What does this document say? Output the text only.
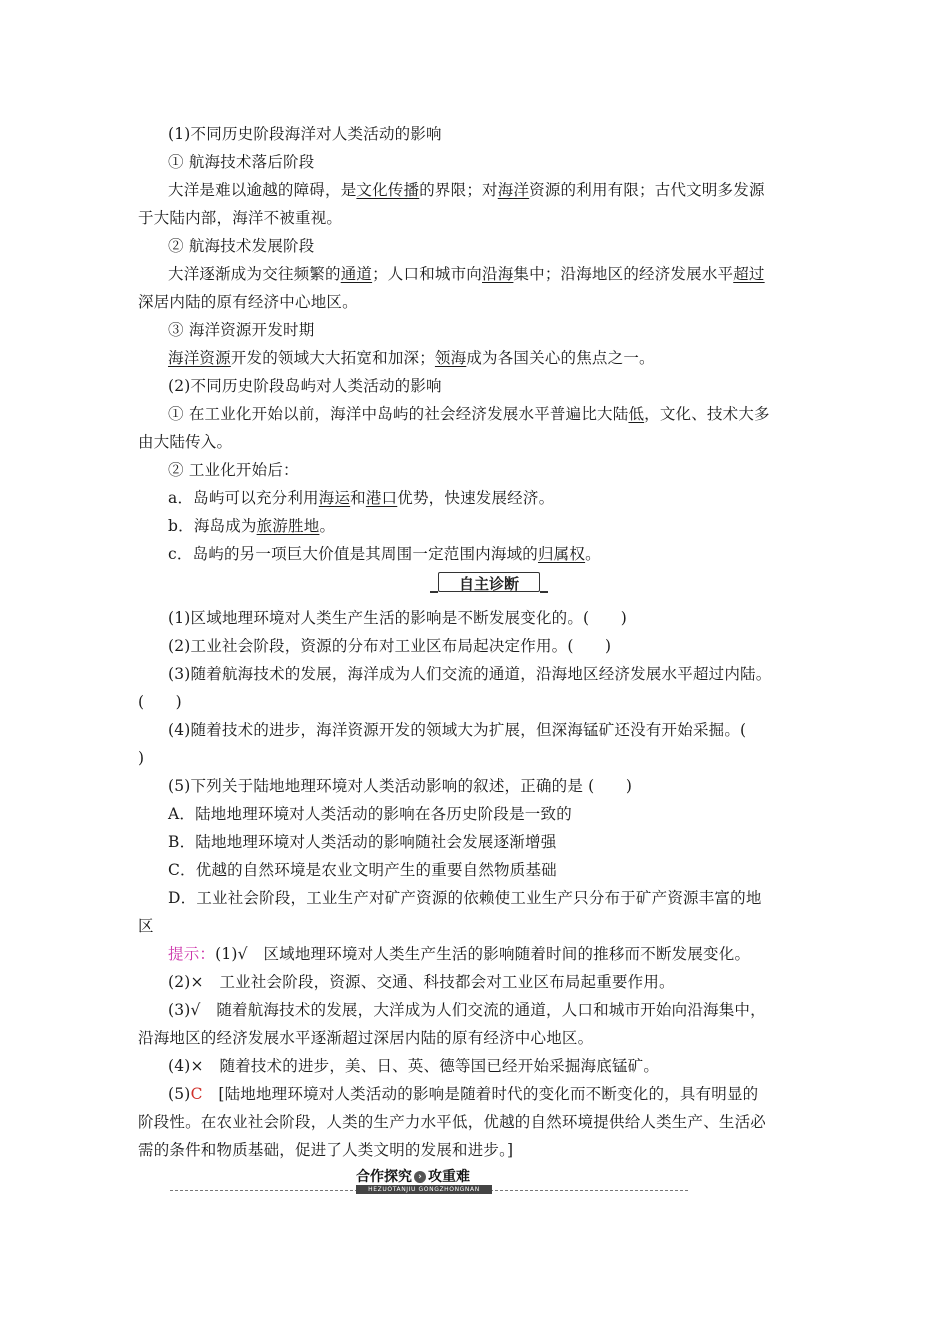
(1)不同历史阶段海洋对人类活动的影响
① 航海技术落后阶段
大洋是难以逾越的障碍，是文化传播的界限；对海洋资源的利用有限；古代文明多发源
于大陆内部，海洋不被重视。
② 航海技术发展阶段
大洋逐渐成为交往频繁的通道；人口和城市向沿海集中；沿海地区的经济发展水平超过
深居内陆的原有经济中心地区。
③ 海洋资源开发时期
海洋资源开发的领域大大拓宽和加深；领海成为各国关心的焦点之一。
(2)不同历史阶段岛屿对人类活动的影响
① 在工业化开始以前，海洋中岛屿的社会经济发展水平普遍比大陆低，文化、技术大多
由大陆传入。
② 工业化开始后：
a．岛屿可以充分利用海运和港口优势，快速发展经济。
b．海岛成为旅游胜地。
c．岛屿的另一项巨大价值是其周围一定范围内海域的归属权。
自主诊断
(1)区域地理环境对人类生产生活的影响是不断发展变化的。(　　)
(2)工业社会阶段，资源的分布对工业区布局起决定作用。(　　)
(3)随着航海技术的发展，海洋成为人们交流的通道，沿海地区经济发展水平超过内陆。
(　　)
(4)随着技术的进步，海洋资源开发的领域大为扩展，但深海锰矿还没有开始采掘。(
)
(5)下列关于陆地地理环境对人类活动影响的叙述，正确的是 (　　)
A．陆地地理环境对人类活动的影响在各历史阶段是一致的
B．陆地地理环境对人类活动的影响随社会发展逐渐增强
C．优越的自然环境是农业文明产生的重要自然物质基础
D．工业社会阶段，工业生产对矿产资源的依赖使工业生产只分布于矿产资源丰富的地
区
提示：(1)√　区域地理环境对人类生产生活的影响随着时间的推移而不断发展变化。
(2)×　工业社会阶段，资源、交通、科技都会对工业区布局起重要作用。
(3)√　随着航海技术的发展，大洋成为人们交流的通道，人口和城市开始向沿海集中，
沿海地区的经济发展水平逐渐超过深居内陆的原有经济中心地区。
(4)×　随着技术的进步，美、日、英、德等国已经开始采掘海底锰矿。
(5)C　[陆地地理环境对人类活动的影响是随着时代的变化而不断变化的，具有明显的
阶段性。在农业社会阶段，人类的生产力水平低，优越的自然环境提供给人类生产、生活必
需的条件和物质基础，促进了人类文明的发展和进步。]
合作探究 › 攻重难
HEZUOTANJIU GONGZHONGNAN
